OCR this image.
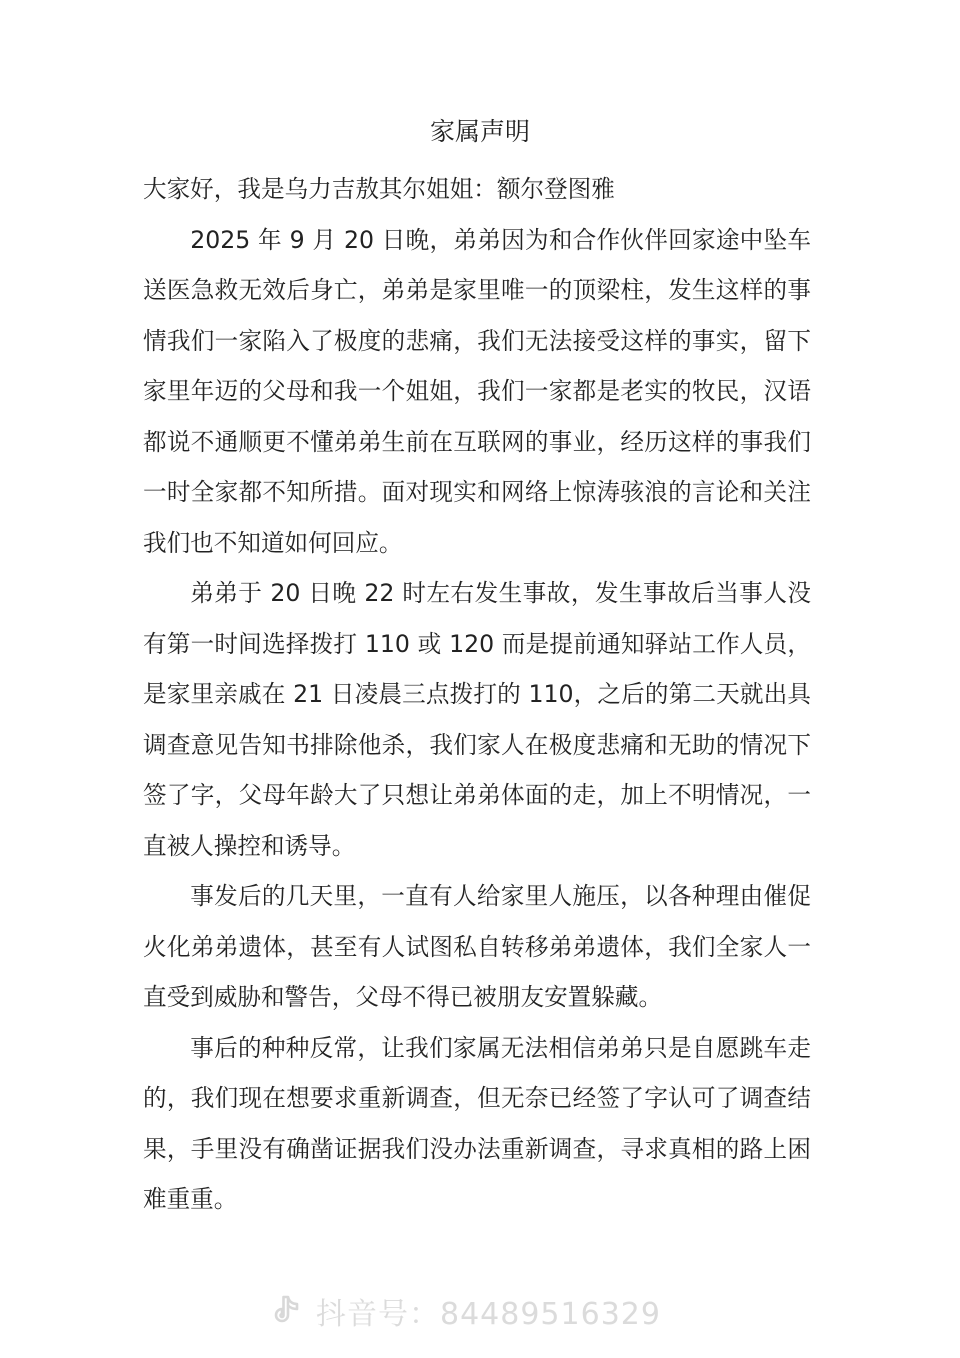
家属声明

大家好，我是乌力吉敖其尔姐姐：额尔登图雅

2025 年 9 月 20 日晚，弟弟因为和合作伙伴回家途中坠车送医急救无效后身亡，弟弟是家里唯一的顶梁柱，发生这样的事情我们一家陷入了极度的悲痛，我们无法接受这样的事实，留下家里年迈的父母和我一个姐姐，我们一家都是老实的牧民，汉语都说不通顺更不懂弟弟生前在互联网的事业，经历这样的事我们一时全家都不知所措。面对现实和网络上惊涛骇浪的言论和关注我们也不知道如何回应。

弟弟于 20 日晚 22 时左右发生事故，发生事故后当事人没有第一时间选择拨打 110 或 120 而是提前通知驿站工作人员，是家里亲戚在 21 日凌晨三点拨打的 110，之后的第二天就出具调查意见告知书排除他杀，我们家人在极度悲痛和无助的情况下签了字，父母年龄大了只想让弟弟体面的走，加上不明情况，一直被人操控和诱导。

事发后的几天里，一直有人给家里人施压，以各种理由催促火化弟弟遗体，甚至有人试图私自转移弟弟遗体，我们全家人一直受到威胁和警告，父母不得已被朋友安置躲藏。

事后的种种反常，让我们家属无法相信弟弟只是自愿跳车走的，我们现在想要求重新调查，但无奈已经签了字认可了调查结果，手里没有确凿证据我们没办法重新调查，寻求真相的路上困难重重。

抖音号：84489516329
